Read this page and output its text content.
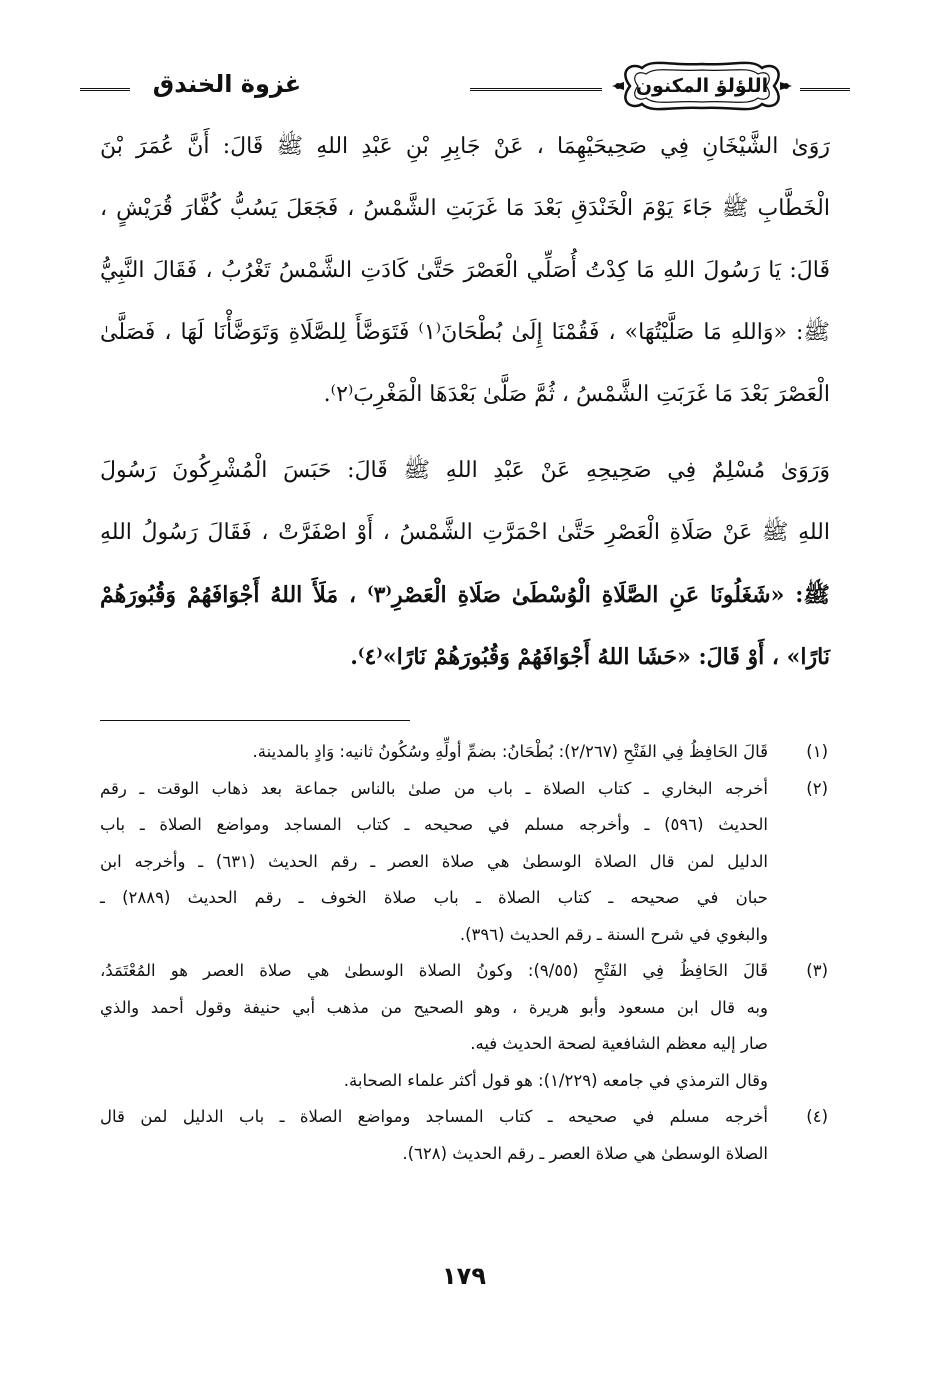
اللؤلؤ المكنون
غزوة الخندق

رَوَىٰ الشَّيْخَانِ فِي صَحِيحَيْهِمَا ، عَنْ جَابِرِ بْنِ عَبْدِ اللهِ ﷺ قَالَ: أَنَّ عُمَرَ بْنَ
الْخَطَّابِ ﷺ جَاءَ يَوْمَ الْخَنْدَقِ بَعْدَ مَا غَرَبَتِ الشَّمْسُ ، فَجَعَلَ يَسُبُّ كُفَّارَ قُرَيْشٍ ،
قَالَ: يَا رَسُولَ اللهِ مَا كِدْتُ أُصَلِّي الْعَصْرَ حَتَّىٰ كَادَتِ الشَّمْسُ تَغْرُبُ ، فَقَالَ النَّبِيُّ
ﷺ: «وَاللهِ مَا صَلَّيْتُهَا» ، فَقُمْنَا إِلَىٰ بُطْحَانَ⁽١⁾ فَتَوَضَّأَ لِلصَّلَاةِ وَتَوَضَّأْنَا لَهَا ، فَصَلَّىٰ
الْعَصْرَ بَعْدَ مَا غَرَبَتِ الشَّمْسُ ، ثُمَّ صَلَّىٰ بَعْدَهَا الْمَغْرِبَ⁽٢⁾.

وَرَوَىٰ مُسْلِمٌ فِي صَحِيحِهِ عَنْ عَبْدِ اللهِ ﷺ قَالَ: حَبَسَ الْمُشْرِكُونَ رَسُولَ
اللهِ ﷺ عَنْ صَلَاةِ الْعَصْرِ حَتَّىٰ احْمَرَّتِ الشَّمْسُ ، أَوْ اصْفَرَّتْ ، فَقَالَ رَسُولُ اللهِ
ﷺ: «شَغَلُونَا عَنِ الصَّلَاةِ الْوُسْطَىٰ صَلَاةِ الْعَصْرِ⁽٣⁾ ، مَلَأَ اللهُ أَجْوَافَهُمْ وَقُبُورَهُمْ
نَارًا» ، أَوْ قَالَ: «حَشَا اللهُ أَجْوَافَهُمْ وَقُبُورَهُمْ نَارًا»⁽٤⁾.

(١)
قَالَ الحَافِظُ فِي الفَتْحِ (٢/٢٦٧): بُطْحَانُ: بضمِّ أولِّهِ وسُكُونُ ثانيه: وَادٍ بالمدينة.
(٢)
أخرجه البخاري ـ كتاب الصلاة ـ باب من صلىٰ بالناس جماعة بعد ذهاب الوقت ـ رقم
الحديث (٥٩٦) ـ وأخرجه مسلم في صحيحه ـ كتاب المساجد ومواضع الصلاة ـ باب
الدليل لمن قال الصلاة الوسطىٰ هي صلاة العصر ـ رقم الحديث (٦٣١) ـ وأخرجه ابن
حبان في صحيحه ـ كتاب الصلاة ـ باب صلاة الخوف ـ رقم الحديث (٢٨٨٩) ـ
والبغوي في شرح السنة ـ رقم الحديث (٣٩٦).
(٣)
قَالَ الحَافِظُ فِي الفَتْحِ (٩/٥٥): وكونُ الصلاة الوسطىٰ هي صلاة العصر هو المُعْتَمَدُ،
وبه قال ابن مسعود وأبو هريرة ، وهو الصحيح من مذهب أبي حنيفة وقول أحمد والذي
صار إليه معظم الشافعية لصحة الحديث فيه.
وقال الترمذي في جامعه (١/٢٢٩): هو قول أكثر علماء الصحابة.
(٤)
أخرجه مسلم في صحيحه ـ كتاب المساجد ومواضع الصلاة ـ باب الدليل لمن قال
الصلاة الوسطىٰ هي صلاة العصر ـ رقم الحديث (٦٢٨).
١٧٩
